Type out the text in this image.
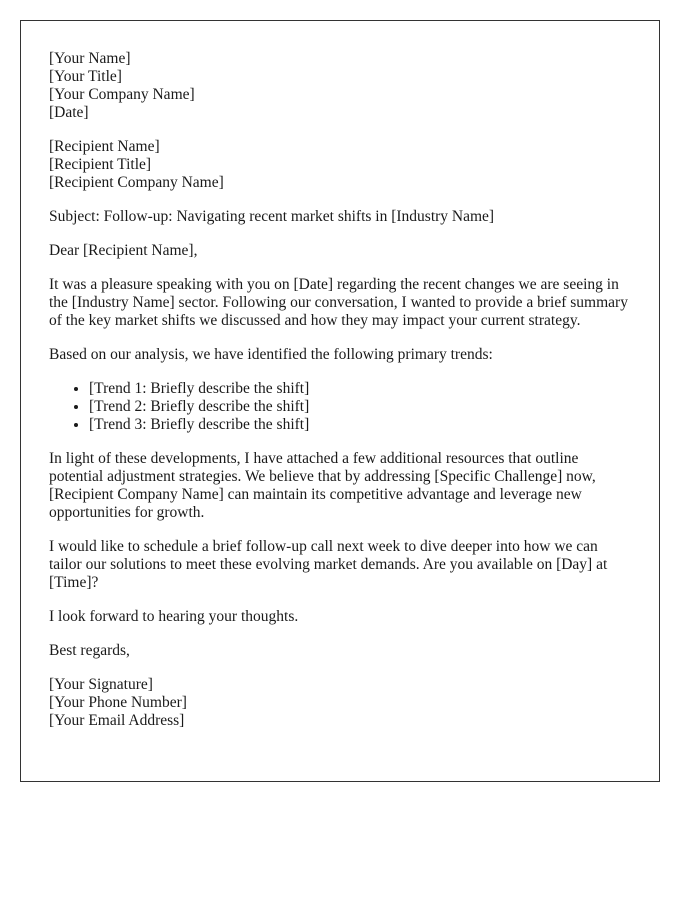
[Your Name]
[Your Title]
[Your Company Name]
[Date]
[Recipient Name]
[Recipient Title]
[Recipient Company Name]

Subject: Follow-up: Navigating recent market shifts in [Industry Name]

Dear [Recipient Name],

It was a pleasure speaking with you on [Date] regarding the recent changes we are seeing in the [Industry Name] sector. Following our conversation, I wanted to provide a brief summary of the key market shifts we discussed and how they may impact your current strategy.

Based on our analysis, we have identified the following primary trends:

• [Trend 1: Briefly describe the shift]
• [Trend 2: Briefly describe the shift]
• [Trend 3: Briefly describe the shift]

In light of these developments, I have attached a few additional resources that outline potential adjustment strategies. We believe that by addressing [Specific Challenge] now, [Recipient Company Name] can maintain its competitive advantage and leverage new opportunities for growth.

I would like to schedule a brief follow-up call next week to dive deeper into how we can tailor our solutions to meet these evolving market demands. Are you available on [Day] at [Time]?

I look forward to hearing your thoughts.

Best regards,

[Your Signature]
[Your Phone Number]
[Your Email Address]
